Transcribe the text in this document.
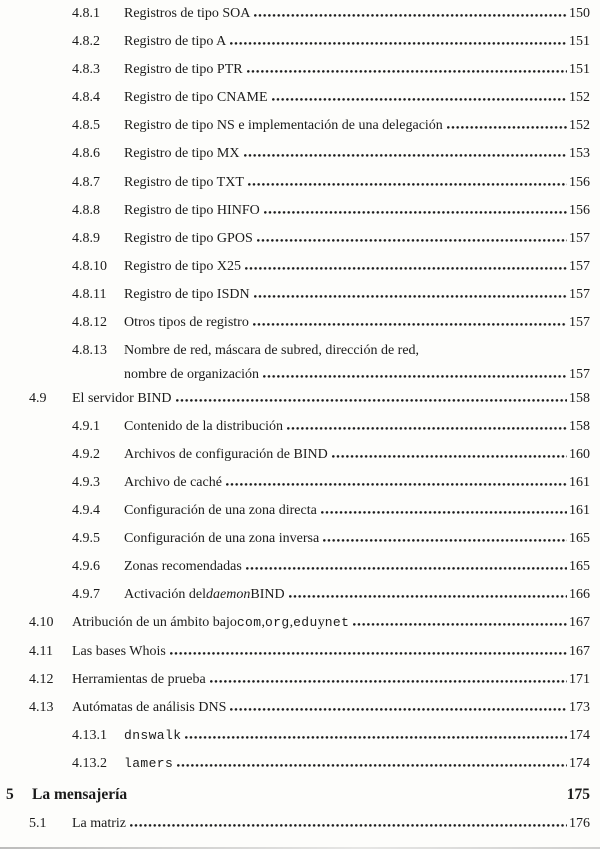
4.8.1	Registros de tipo SOA	150
4.8.2	Registro de tipo A	151
4.8.3	Registro de tipo PTR	151
4.8.4	Registro de tipo CNAME	152
4.8.5	Registro de tipo NS e implementación de una delegación	152
4.8.6	Registro de tipo MX	153
4.8.7	Registro de tipo TXT	156
4.8.8	Registro de tipo HINFO	156
4.8.9	Registro de tipo GPOS	157
4.8.10	Registro de tipo X25	157
4.8.11	Registro de tipo ISDN	157
4.8.12	Otros tipos de registro	157
4.8.13	Nombre de red, máscara de subred, dirección de red,
nombre de organización	157
4.9	El servidor BIND	158
4.9.1	Contenido de la distribución	158
4.9.2	Archivos de configuración de BIND	160
4.9.3	Archivo de caché	161
4.9.4	Configuración de una zona directa	161
4.9.5	Configuración de una zona inversa	165
4.9.6	Zonas recomendadas	165
4.9.7	Activación del daemon BIND	166
4.10	Atribución de un ámbito bajo com , org , edu y net	167
4.11	Las bases Whois	167
4.12	Herramientas de prueba	171
4.13	Autómatas de análisis DNS	173
4.13.1	dnswalk	174
4.13.2	lamers	174
5	La mensajería	175
5.1	La matriz	176
